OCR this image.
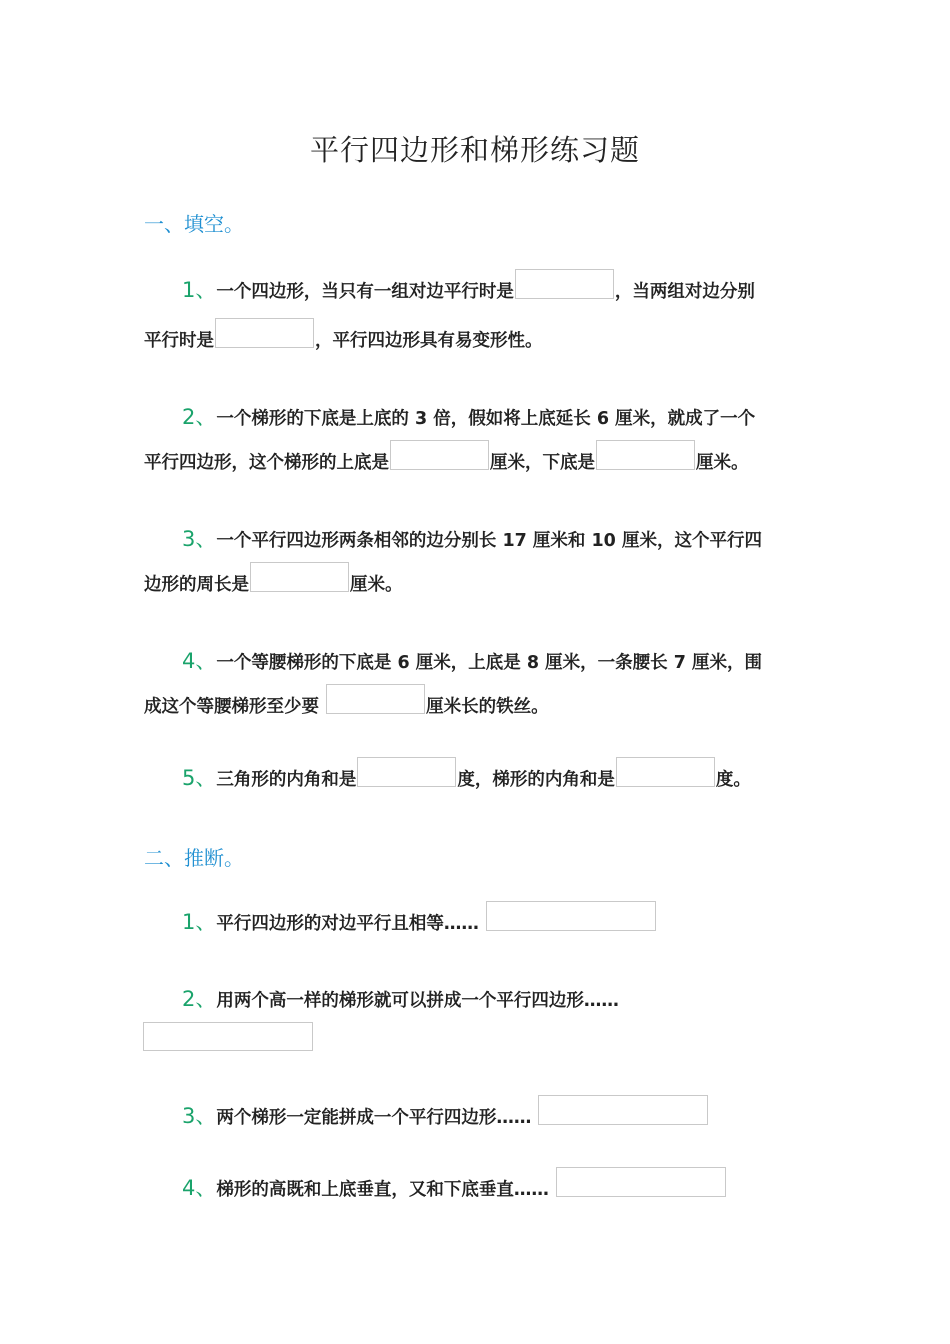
平行四边形和梯形练习题
一、填空。
1、一个四边形，当只有一组对边平行时是	，当两组对边分别
平行时是	，平行四边形具有易变形性。
2、一个梯形的下底是上底的 3 倍，假如将上底延长 6 厘米，就成了一个
平行四边形，这个梯形的上底是	厘米，下底是	厘米。
3、一个平行四边形两条相邻的边分别长 17 厘米和 10 厘米，这个平行四
边形的周长是	厘米。
4、一个等腰梯形的下底是 6 厘米，上底是 8 厘米，一条腰长 7 厘米，围
成这个等腰梯形至少要	厘米长的铁丝。
5、三角形的内角和是	度，梯形的内角和是	度。
二、推断。
1、平行四边形的对边平行且相等……
2、用两个高一样的梯形就可以拼成一个平行四边形……
3、两个梯形一定能拼成一个平行四边形……
4、梯形的高既和上底垂直，又和下底垂直……
